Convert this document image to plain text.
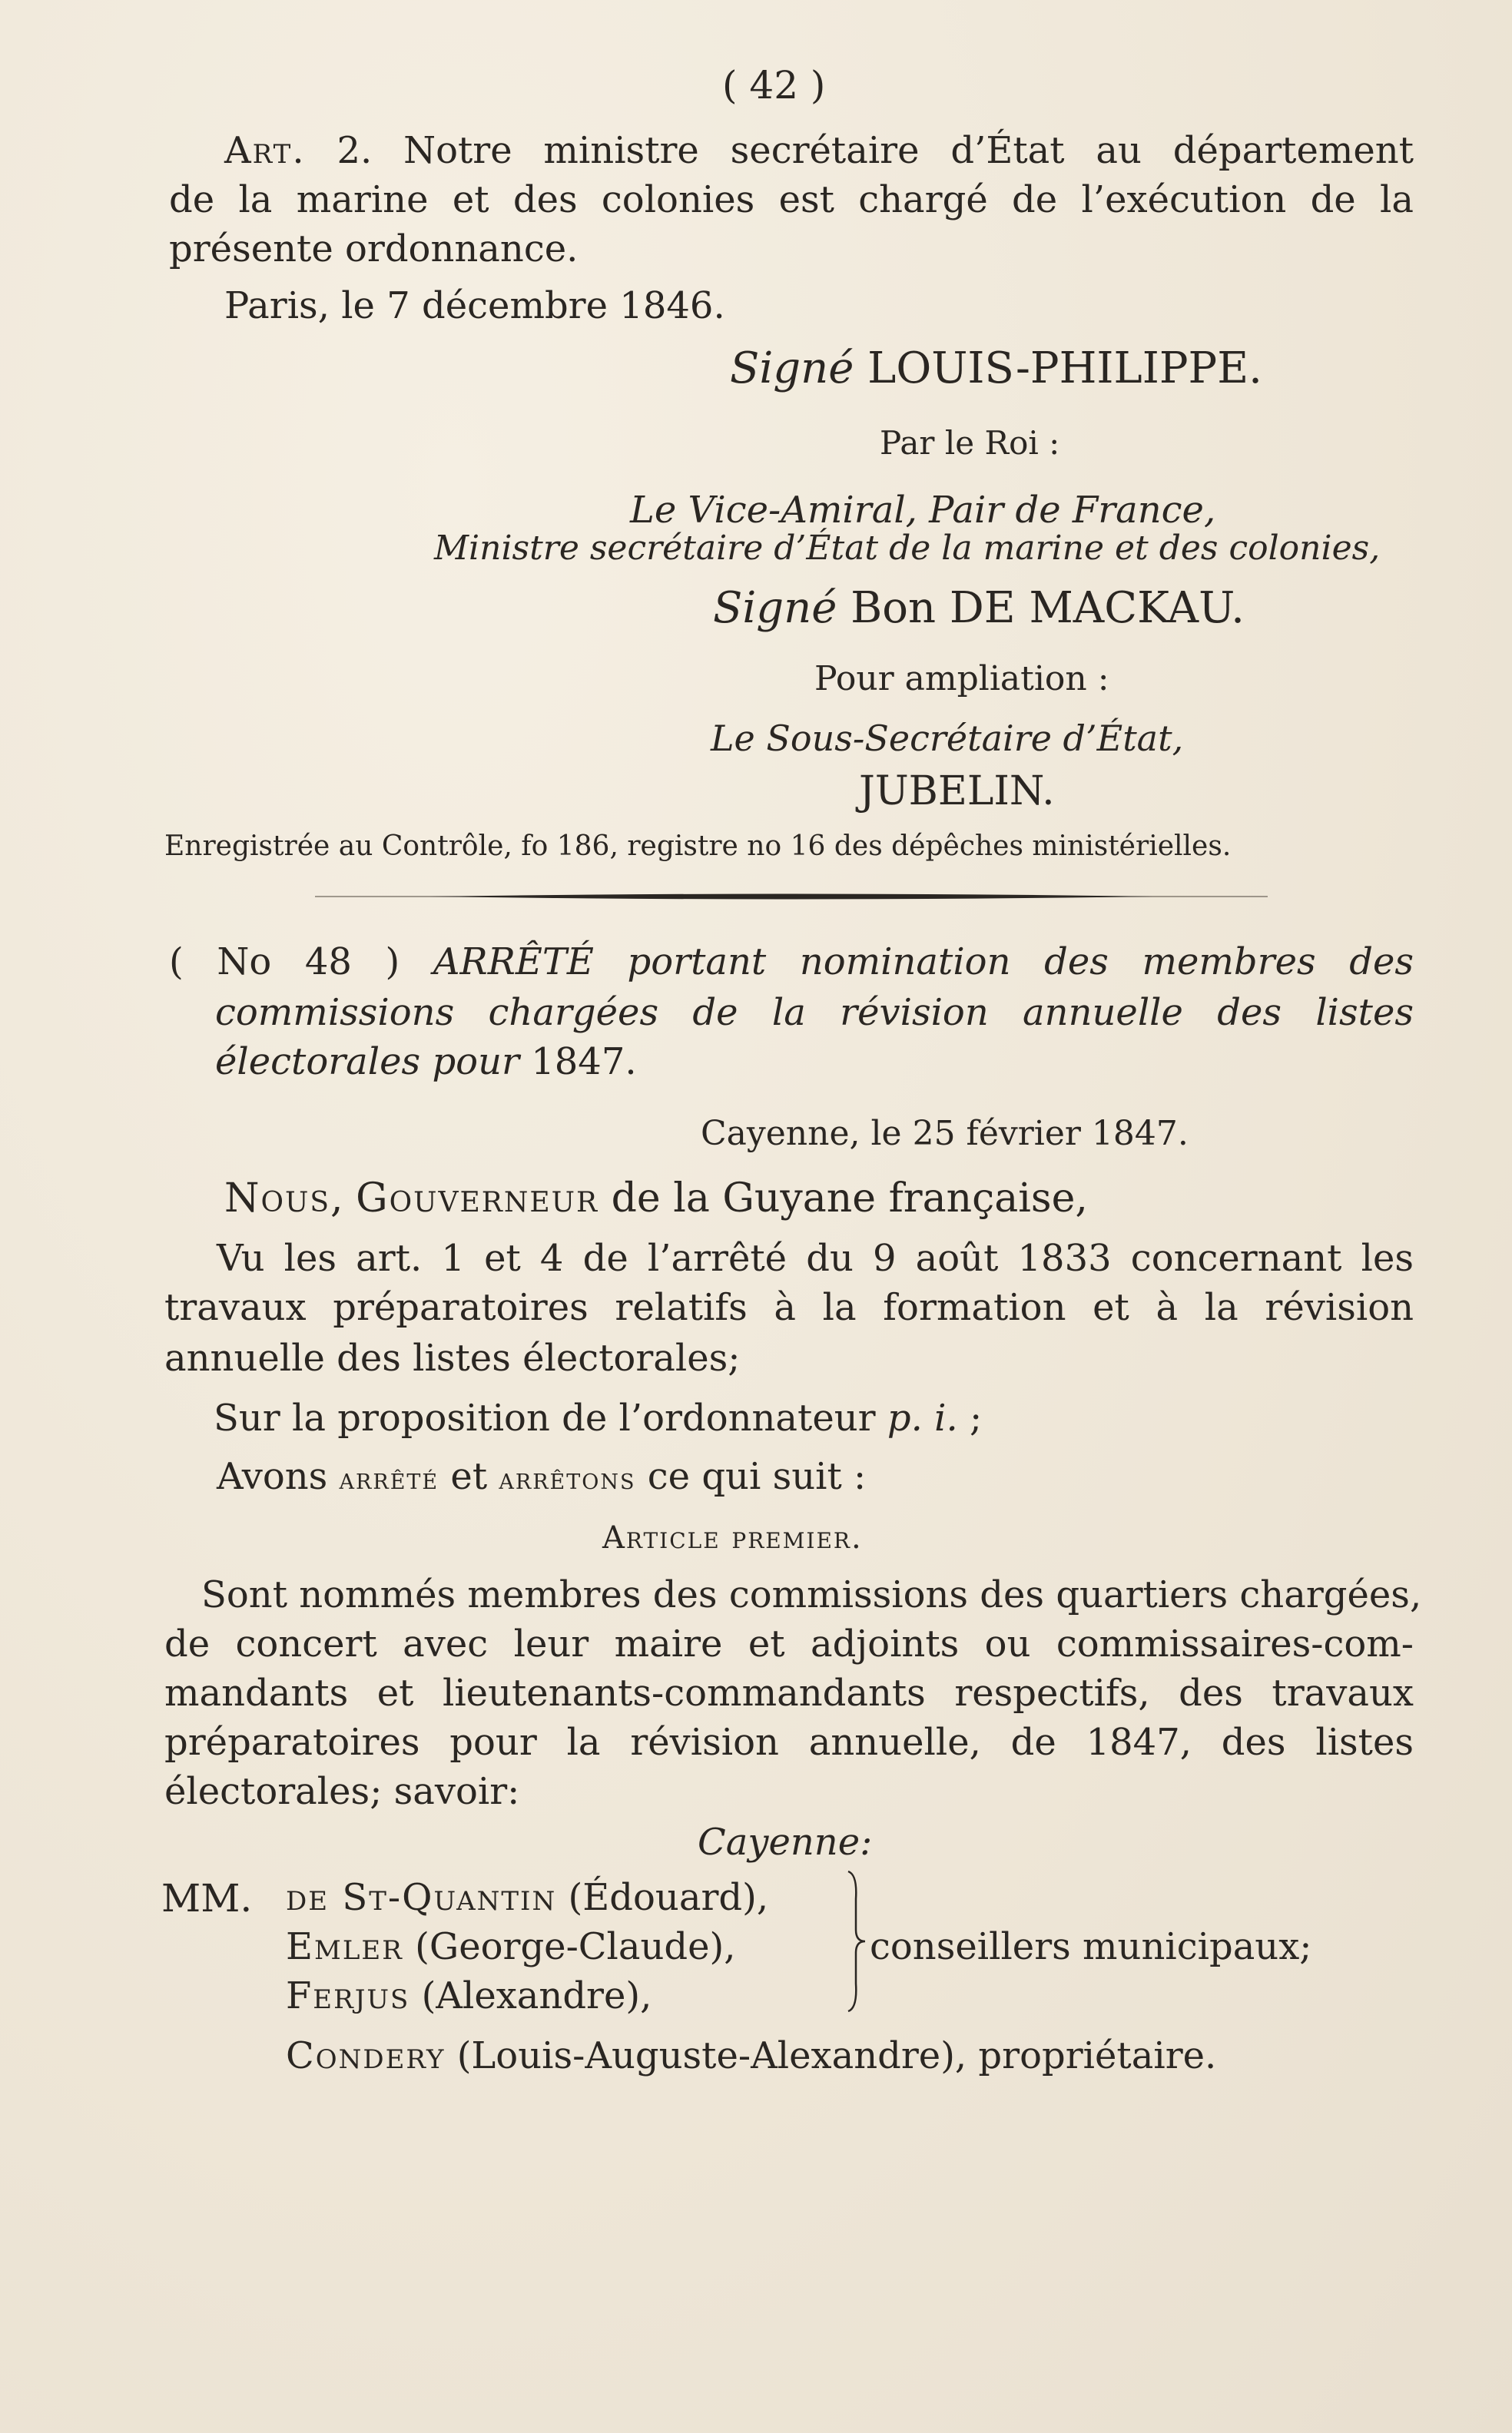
( 42 )
Art. 2. Notre ministre secrétaire d’État au département
de la marine et des colonies est chargé de l’exécution de la
présente ordonnance.
Paris, le 7 décembre 1846.
Signé LOUIS-PHILIPPE.
Par le Roi :
Le Vice-Amiral, Pair de France,
Ministre secrétaire d’État de la marine et des colonies,
Signé Bon DE MACKAU.
Pour ampliation :
Le Sous-Secrétaire d’État,
JUBELIN.
Enregistrée au Contrôle, fo 186, registre no 16 des dépêches ministérielles.
( No 48 ) ARRÊTÉ portant nomination des membres des
commissions chargées de la révision annuelle des listes
électorales pour 1847.
Cayenne, le 25 février 1847.
Nous, Gouverneur de la Guyane française,
Vu les art. 1 et 4 de l’arrêté du 9 août 1833 concernant les
travaux préparatoires relatifs à la formation et à la révision
annuelle des listes électorales;
Sur la proposition de l’ordonnateur p. i. ;
Avons arrêté et arrêtons ce qui suit :
Article premier.
Sont nommés membres des commissions des quartiers chargées,
de concert avec leur maire et adjoints ou commissaires-com-
mandants et lieutenants-commandants respectifs, des travaux
préparatoires pour la révision annuelle, de 1847, des listes
électorales; savoir:
Cayenne:
MM. de St-Quantin (Édouard),
Emler (George-Claude),
Ferjus (Alexandre),
conseillers municipaux;
Condery (Louis-Auguste-Alexandre), propriétaire.
